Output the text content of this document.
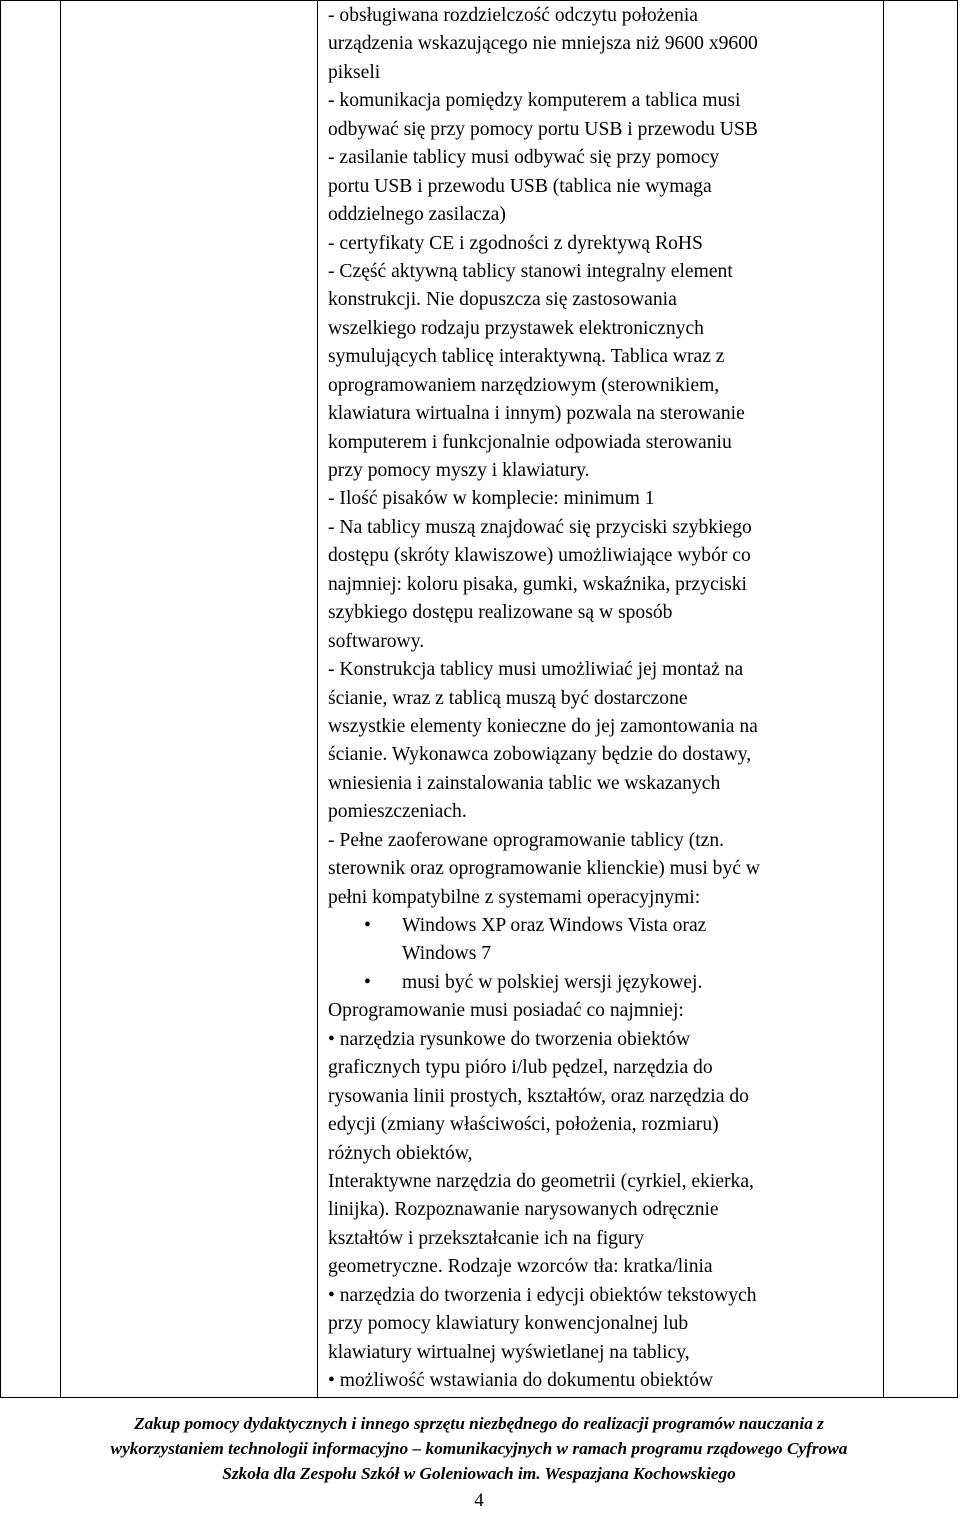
- obsługiwana rozdzielczość odczytu położenia
urządzenia wskazującego nie mniejsza niż 9600 x9600
pikseli
- komunikacja pomiędzy komputerem a tablica musi
odbywać się przy pomocy portu USB i przewodu USB
- zasilanie tablicy musi odbywać się przy pomocy
portu USB i przewodu USB (tablica nie wymaga
oddzielnego zasilacza)
- certyfikaty CE i zgodności z dyrektywą RoHS
- Część aktywną tablicy stanowi integralny element
konstrukcji. Nie dopuszcza się zastosowania
wszelkiego rodzaju przystawek elektronicznych
symulujących tablicę interaktywną. Tablica wraz z
oprogramowaniem narzędziowym (sterownikiem,
klawiatura wirtualna i innym) pozwala na sterowanie
komputerem i funkcjonalnie odpowiada sterowaniu
przy pomocy myszy i klawiatury.
- Ilość pisaków w komplecie: minimum 1
- Na tablicy muszą znajdować się przyciski szybkiego
dostępu (skróty klawiszowe) umożliwiające wybór co
najmniej: koloru pisaka, gumki, wskaźnika, przyciski
szybkiego dostępu realizowane są w sposób
softwarowy.
- Konstrukcja tablicy musi umożliwiać jej montaż na
ścianie, wraz z tablicą muszą być dostarczone
wszystkie elementy konieczne do jej zamontowania na
ścianie. Wykonawca zobowiązany będzie do dostawy,
wniesienia i zainstalowania tablic we wskazanych
pomieszczeniach.
- Pełne zaoferowane oprogramowanie tablicy (tzn.
sterownik oraz oprogramowanie klienckie) musi być w
pełni kompatybilne z systemami operacyjnymi:
• Windows XP oraz Windows Vista oraz
Windows 7
• musi być w polskiej wersji językowej.
Oprogramowanie musi posiadać co najmniej:
• narzędzia rysunkowe do tworzenia obiektów
graficznych typu pióro i/lub pędzel, narzędzia do
rysowania linii prostych, kształtów, oraz narzędzia do
edycji (zmiany właściwości, położenia, rozmiaru)
różnych obiektów,
Interaktywne narzędzia do geometrii (cyrkiel, ekierka,
linijka). Rozpoznawanie narysowanych odręcznie
kształtów i przekształcanie ich na figury
geometryczne. Rodzaje wzorców tła: kratka/linia
• narzędzia do tworzenia i edycji obiektów tekstowych
przy pomocy klawiatury konwencjonalnej lub
klawiatury wirtualnej wyświetlanej na tablicy,
• możliwość wstawiania do dokumentu obiektów
Zakup pomocy dydaktycznych i innego sprzętu niezbędnego do realizacji programów nauczania z
wykorzystaniem technologii informacyjno – komunikacyjnych w ramach programu rządowego Cyfrowa
Szkoła dla Zespołu Szkół w Goleniowach im. Wespazjana Kochowskiego
4
